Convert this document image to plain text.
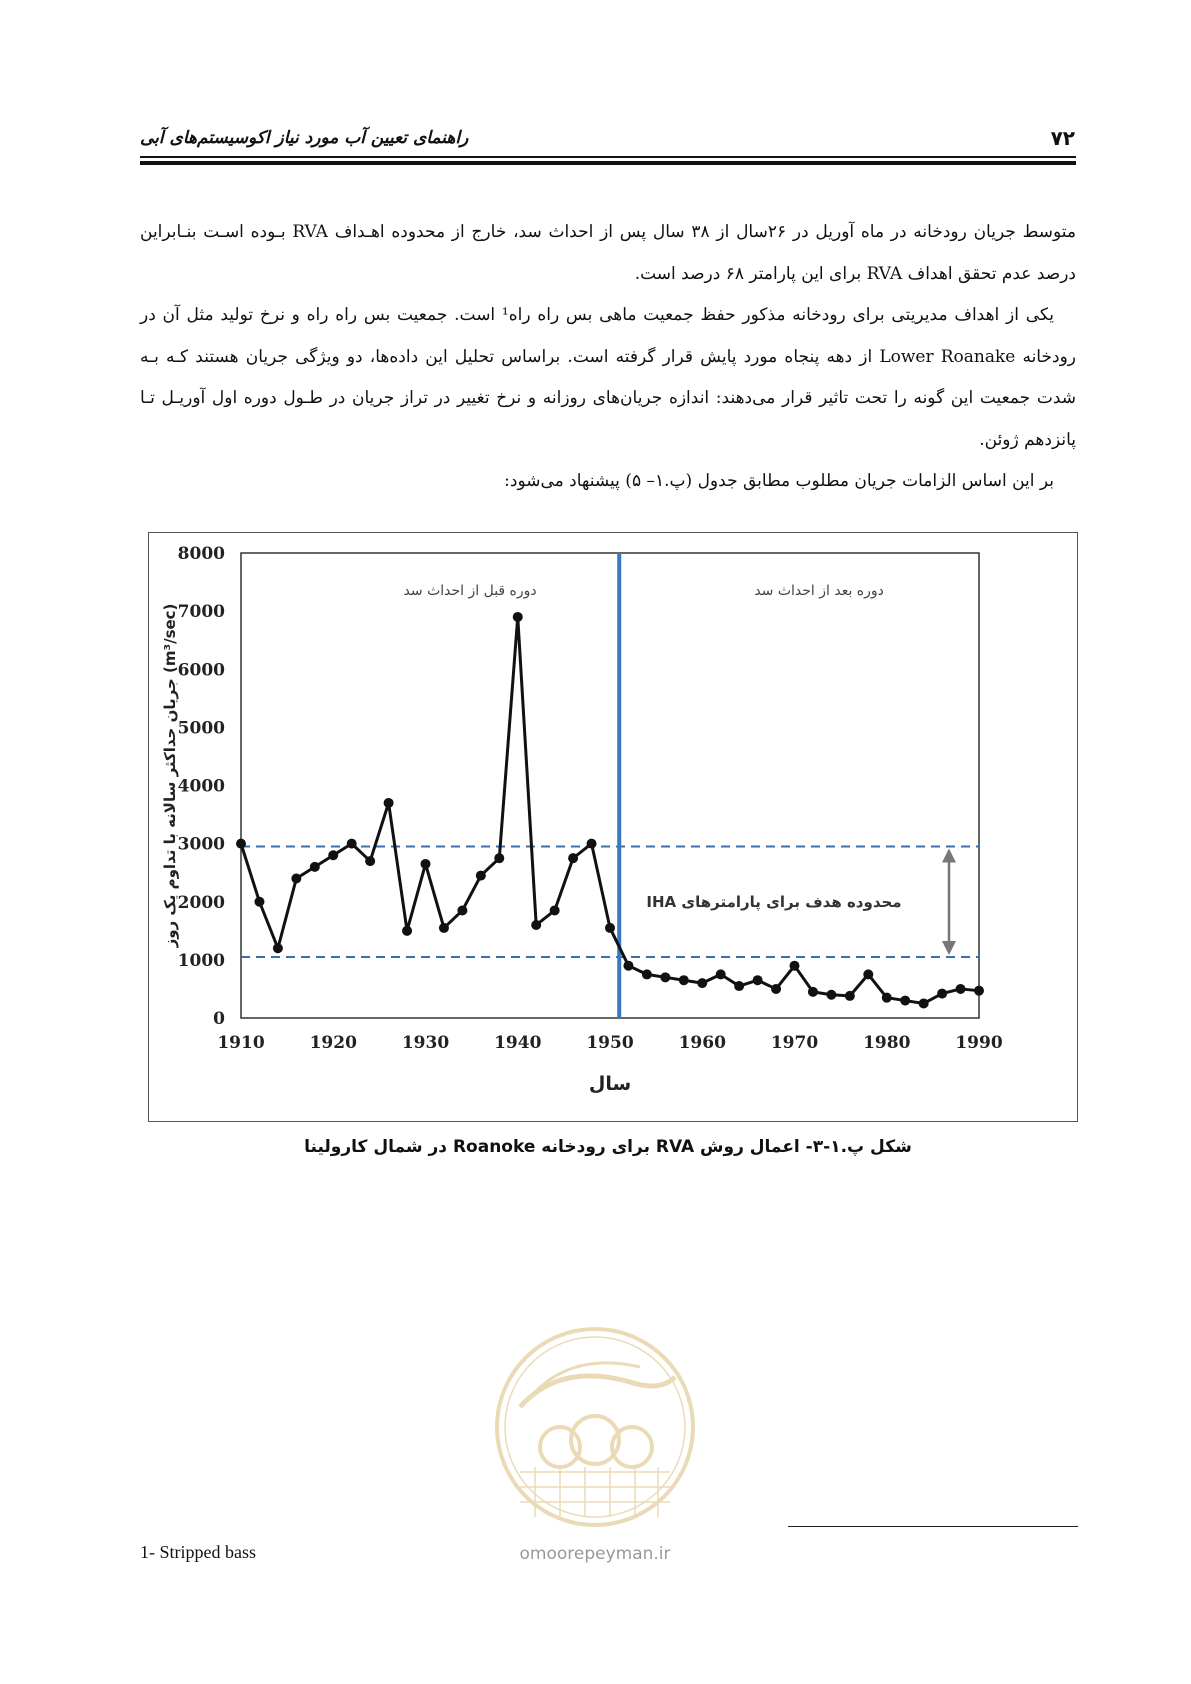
راهنمای تعیین آب مورد نیاز اکوسیستم‌های آبی	۷۲
متوسط جریان رودخانه در ماه آوریل در ۲۶سال از ۳۸ سال پس از احداث سد، خارج از محدوده اهـداف RVA بـوده اسـت بنـابراین
درصد عدم تحقق اهداف RVA برای این پارامتر ۶۸ درصد است.
یکی از اهداف مدیریتی برای رودخانه مذکور حفظ جمعیت ماهی بس راه راه¹ است. جمعیت بس راه راه و نرخ تولید مثل آن در
رودخانه Lower Roanake از دهه پنجاه مورد پایش قرار گرفته است. براساس تحلیل این داده‌ها، دو ویژگی جریان هستند کـه بـه
شدت جمعیت این گونه را تحت تاثیر قرار می‌دهند: اندازه جریان‌های روزانه و نرخ تغییر در تراز جریان در طـول دوره اول آوریـل تـا
پانزدهم ژوئن.
بر این اساس الزامات جریان مطلوب مطابق جدول (پ.۱– ۵) پیشنهاد می‌شود:
0
1000
2000
3000
4000
5000
6000
7000
8000
1910	1920	1930	1940	1950	1960	1970	1980	1990
سال
جریان حداکثر سالانه با تداوم یک روز (m³/sec)
دوره قبل از احداث سد	دوره بعد از احداث سد
محدوده هدف برای پارامترهای IHA
شکل پ.۱-۳- اعمال روش RVA برای رودخانه Roanoke در شمال کارولینا
omoorepeyman.ir
1- Stripped bass
